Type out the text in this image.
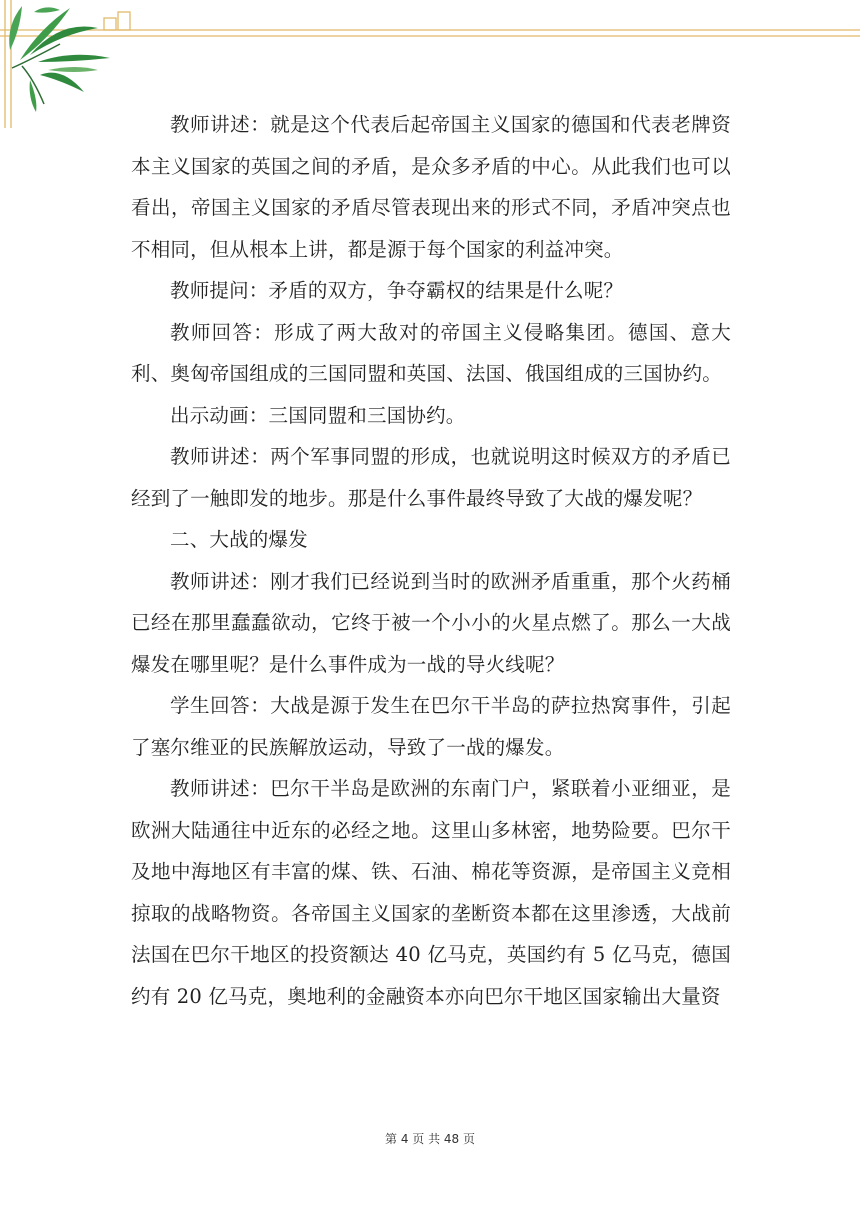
教师讲述：就是这个代表后起帝国主义国家的德国和代表老牌资本主义国家的英国之间的矛盾，是众多矛盾的中心。从此我们也可以看出，帝国主义国家的矛盾尽管表现出来的形式不同，矛盾冲突点也不相同，但从根本上讲，都是源于每个国家的利益冲突。

教师提问：矛盾的双方，争夺霸权的结果是什么呢？

教师回答：形成了两大敌对的帝国主义侵略集团。德国、意大利、奥匈帝国组成的三国同盟和英国、法国、俄国组成的三国协约。

出示动画：三国同盟和三国协约。

教师讲述：两个军事同盟的形成，也就说明这时候双方的矛盾已经到了一触即发的地步。那是什么事件最终导致了大战的爆发呢？

二、大战的爆发

教师讲述：刚才我们已经说到当时的欧洲矛盾重重，那个火药桶已经在那里蠢蠢欲动，它终于被一个小小的火星点燃了。那么一大战爆发在哪里呢？是什么事件成为一战的导火线呢？

学生回答：大战是源于发生在巴尔干半岛的萨拉热窝事件，引起了塞尔维亚的民族解放运动，导致了一战的爆发。

教师讲述：巴尔干半岛是欧洲的东南门户，紧联着小亚细亚，是欧洲大陆通往中近东的必经之地。这里山多林密，地势险要。巴尔干及地中海地区有丰富的煤、铁、石油、棉花等资源，是帝国主义竞相掠取的战略物资。各帝国主义国家的垄断资本都在这里渗透，大战前法国在巴尔干地区的投资额达 40 亿马克，英国约有 5 亿马克，德国约有 20 亿马克，奥地利的金融资本亦向巴尔干地区国家输出大量资

第 4 页 共 48 页
